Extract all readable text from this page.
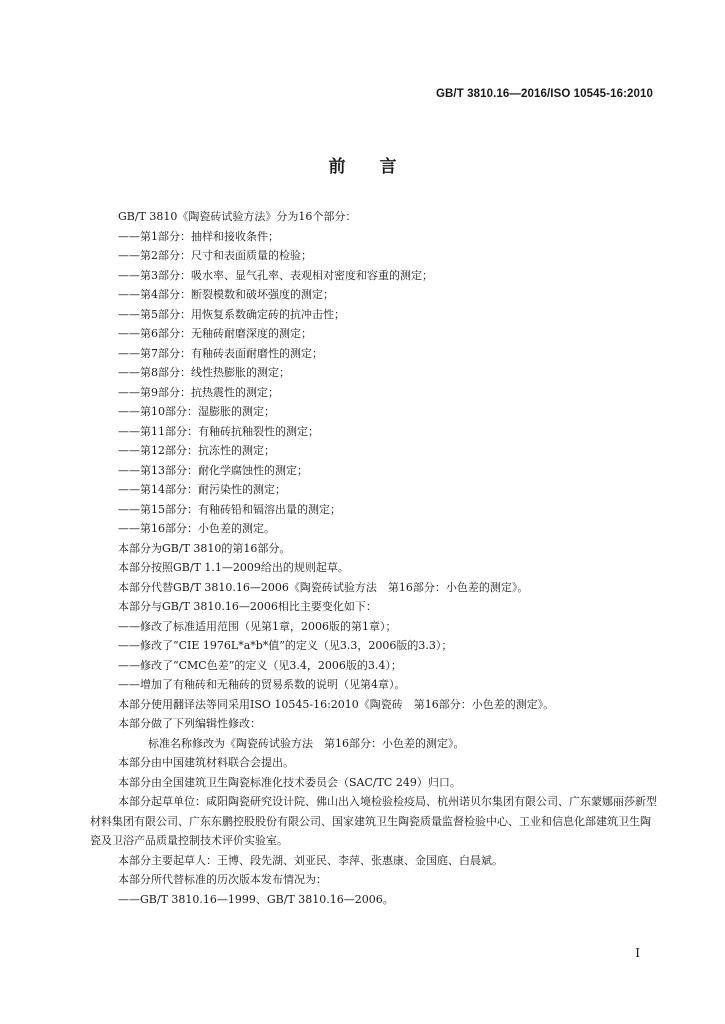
GB/T 3810.16—2016/ISO 10545-16:2010
前 言
GB/T 3810《陶瓷砖试验方法》分为16个部分：
——第1部分：抽样和接收条件；
——第2部分：尺寸和表面质量的检验；
——第3部分：吸水率、显气孔率、表观相对密度和容重的测定；
——第4部分：断裂模数和破坏强度的测定；
——第5部分：用恢复系数确定砖的抗冲击性；
——第6部分：无釉砖耐磨深度的测定；
——第7部分：有釉砖表面耐磨性的测定；
——第8部分：线性热膨胀的测定；
——第9部分：抗热震性的测定；
——第10部分：湿膨胀的测定；
——第11部分：有釉砖抗釉裂性的测定；
——第12部分：抗冻性的测定；
——第13部分：耐化学腐蚀性的测定；
——第14部分：耐污染性的测定；
——第15部分：有釉砖铅和镉溶出量的测定；
——第16部分：小色差的测定。
本部分为GB/T 3810的第16部分。
本部分按照GB/T 1.1—2009给出的规则起草。
本部分代替GB/T 3810.16—2006《陶瓷砖试验方法　第16部分：小色差的测定》。
本部分与GB/T 3810.16—2006相比主要变化如下：
——修改了标准适用范围（见第1章，2006版的第1章）；
——修改了“CIE 1976L*a*b*值”的定义（见3.3，2006版的3.3）；
——修改了“CMC色差”的定义（见3.4，2006版的3.4）；
——增加了有釉砖和无釉砖的贸易系数的说明（见第4章）。
本部分使用翻译法等同采用ISO 10545-16:2010《陶瓷砖　第16部分：小色差的测定》。
本部分做了下列编辑性修改：
标准名称修改为《陶瓷砖试验方法　第16部分：小色差的测定》。
本部分由中国建筑材料联合会提出。
本部分由全国建筑卫生陶瓷标准化技术委员会（SAC/TC 249）归口。
本部分起草单位：咸阳陶瓷研究设计院、佛山出入境检验检疫局、杭州诺贝尔集团有限公司、广东蒙娜丽莎新型材料集团有限公司、广东东鹏控股股份有限公司、国家建筑卫生陶瓷质量监督检验中心、工业和信息化部建筑卫生陶瓷及卫浴产品质量控制技术评价实验室。
本部分主要起草人：王博、段先湖、刘亚民、李萍、张惠康、金国庭、白晨斌。
本部分所代替标准的历次版本发布情况为：
——GB/T 3810.16—1999、GB/T 3810.16—2006。
I
